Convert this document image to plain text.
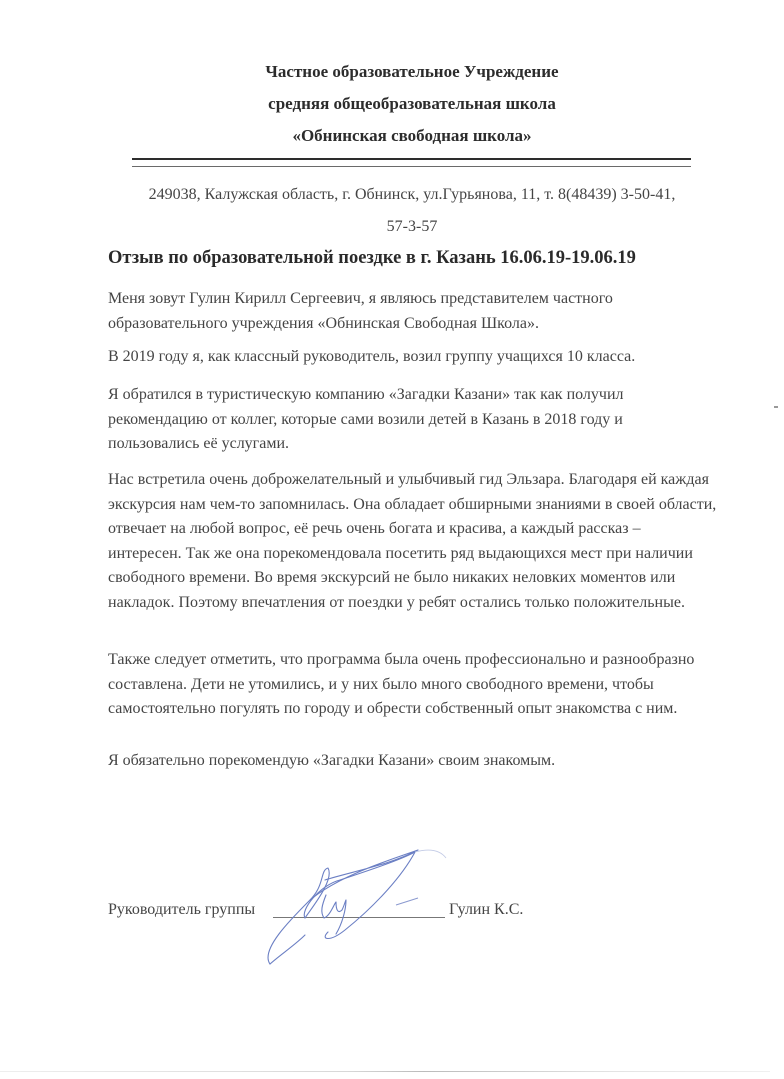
Частное образовательное Учреждение
средняя общеобразовательная школа
«Обнинская свободная школа»
249038, Калужская область, г. Обнинск, ул.Гурьянова, 11, т. 8(48439) 3-50-41,
57-3-57
Отзыв по образовательной поездке в г. Казань 16.06.19-19.06.19
Меня зовут Гулин Кирилл Сергеевич, я являюсь представителем частного образовательного учреждения «Обнинская Свободная Школа».
В 2019 году я, как классный руководитель, возил группу учащихся 10 класса.
Я обратился в туристическую компанию «Загадки Казани» так как получил рекомендацию от коллег, которые сами возили детей в Казань в 2018 году и пользовались её услугами.
Нас встретила очень доброжелательный и улыбчивый гид Эльзара. Благодаря ей каждая экскурсия нам чем-то запомнилась. Она обладает обширными знаниями в своей области, отвечает на любой вопрос, её речь очень богата и красива, а каждый рассказ – интересен. Так же она порекомендовала посетить ряд выдающихся мест при наличии свободного времени. Во время экскурсий не было никаких неловких моментов или накладок. Поэтому впечатления от поездки у ребят остались только положительные.
Также следует отметить, что программа была очень профессионально и разнообразно составлена. Дети не утомились, и у них было много свободного времени, чтобы самостоятельно погулять по городу и обрести собственный опыт знакомства с ним.
Я обязательно порекомендую «Загадки Казани» своим знакомым.
Руководитель группы	Гулин К.С.
